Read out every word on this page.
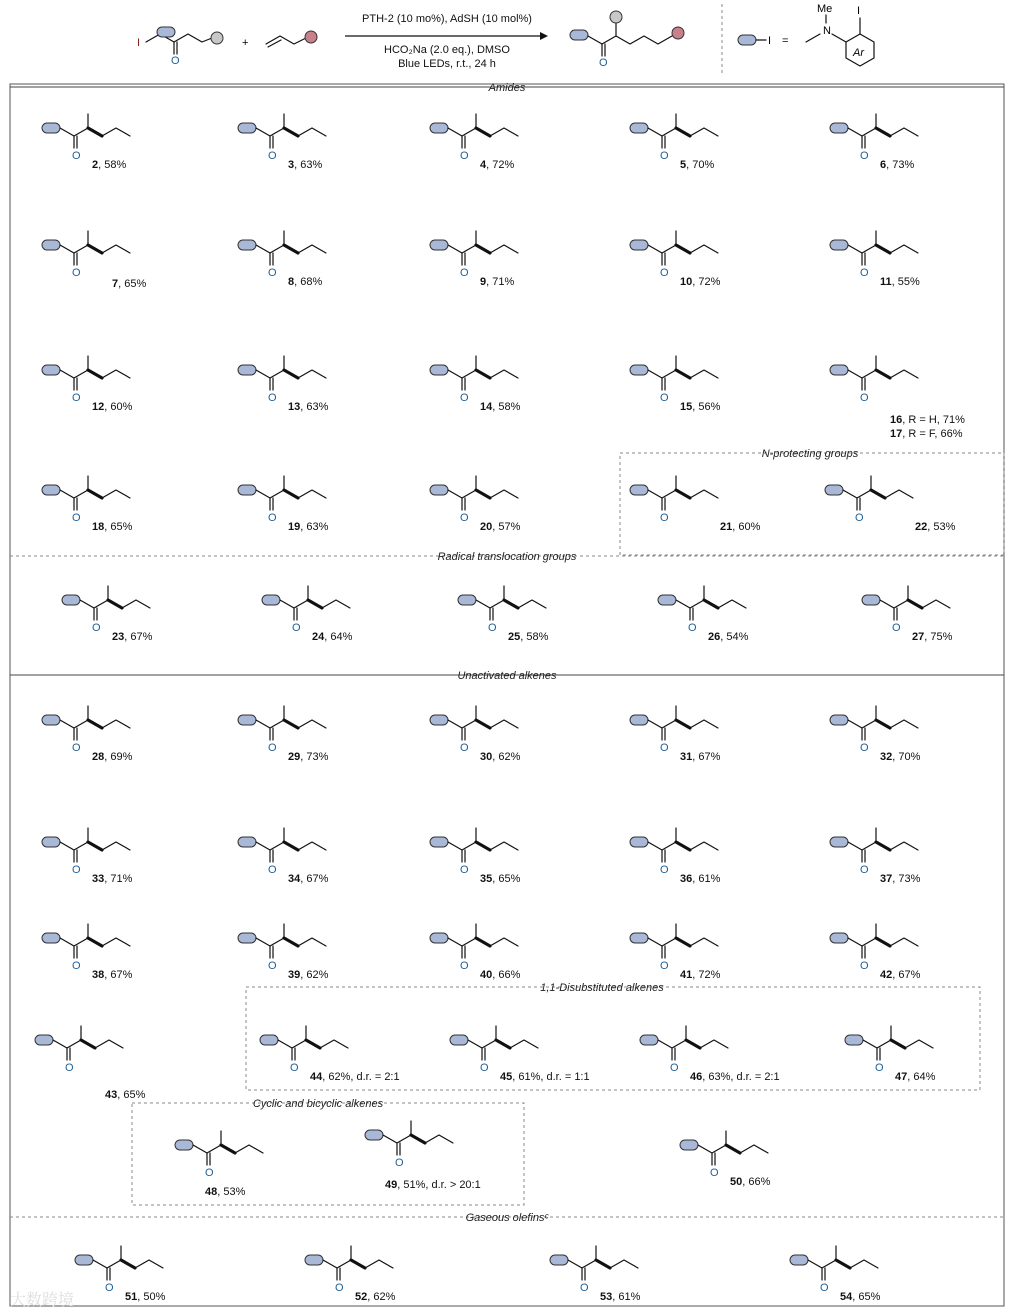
I
O
+
PTH-2 (10 mo%), AdSH (10 mol%)
HCO₂Na (2.0 eq.), DMSO
Blue LEDs, r.t., 24 h	O
I =
Me
N
Ar
I
Amides
N-protecting groups
Radical translocation groups
Unactivated alkenes
1,1-Disubstituted alkenes
Cyclic and bicyclic alkenes
Gaseous olefinsᶜ
O	O	O	O	O
O	O	O	O	O
O	O	O	O	O
O	O	O	O	O
O	O	O	O	O
O	O	O	O	O
O	O	O	O	O
O	O	O	O	O
O	O	O	O	O
O
O
O
O	O	O	O
2, 58%	3, 63%	4, 72%	5, 70%	6, 73%
7, 65%	8, 68%	9, 71%	10, 72%	11, 55%
12, 60%	13, 63%	14, 58%	15, 56%
16, R = H, 71%
17, R = F, 66%
18, 65%	19, 63%	20, 57%	21, 60%	22, 53%
23, 67%	24, 64%	25, 58%	26, 54%	27, 75%
28, 69%	29, 73%	30, 62%	31, 67%	32, 70%
33, 71%	34, 67%	35, 65%	36, 61%	37, 73%
38, 67%	39, 62%	40, 66%	41, 72%	42, 67%
43, 65%
44, 62%, d.r. = 2:1	45, 61%, d.r. = 1:1	46, 63%, d.r. = 2:1	47, 64%
48, 53%
49, 51%, d.r. > 20:1	50, 66%
51, 50%	52, 62%	53, 61%	54, 65%
大数跨境
